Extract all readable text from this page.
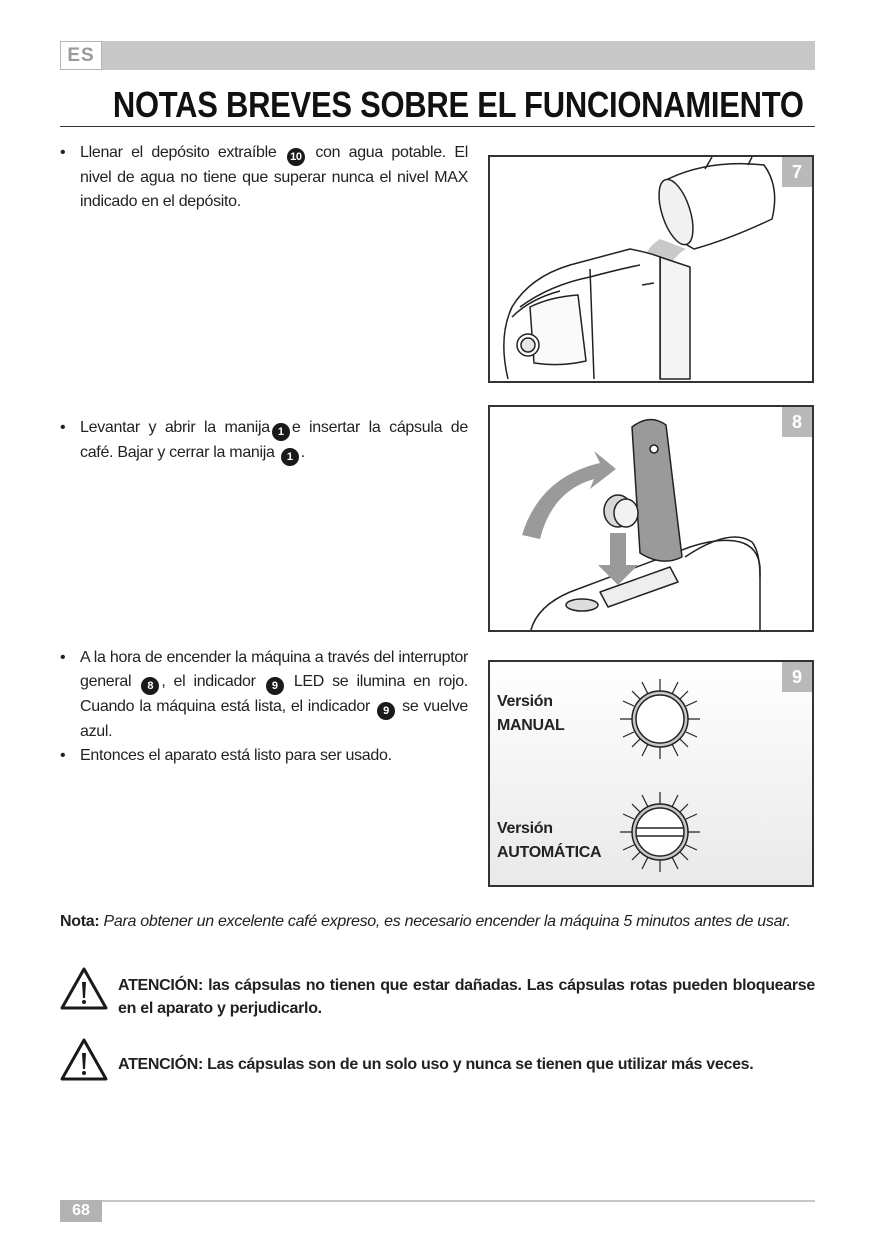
ES
NOTAS BREVES SOBRE EL FUNCIONAMIENTO
• Llenar el depósito extraíble 10 con agua potable. El nivel de agua no tiene que superar nunca el nivel MAX indicado en el depósito.
7
• Levantar y abrir la manija 1 e insertar la cápsula de café. Bajar y cerrar la manija 1 .
8
• A la hora de encender la máquina a través del interruptor general 8 , el indicador 9 LED se ilumina en rojo. Cuando la máquina está lista, el indicador 9 se vuelve azul.
• Entonces el aparato está listo para ser usado.
9
Versión
MANUAL
Versión
AUTOMÁTICA
Nota: Para obtener un excelente café expreso, es necesario encender la máquina 5 minutos antes de usar.
ATENCIÓN: las cápsulas no tienen que estar dañadas. Las cápsulas rotas pueden bloquearse en el aparato y perjudicarlo.
ATENCIÓN: Las cápsulas son de un solo uso y nunca se tienen que utilizar más veces.
68
